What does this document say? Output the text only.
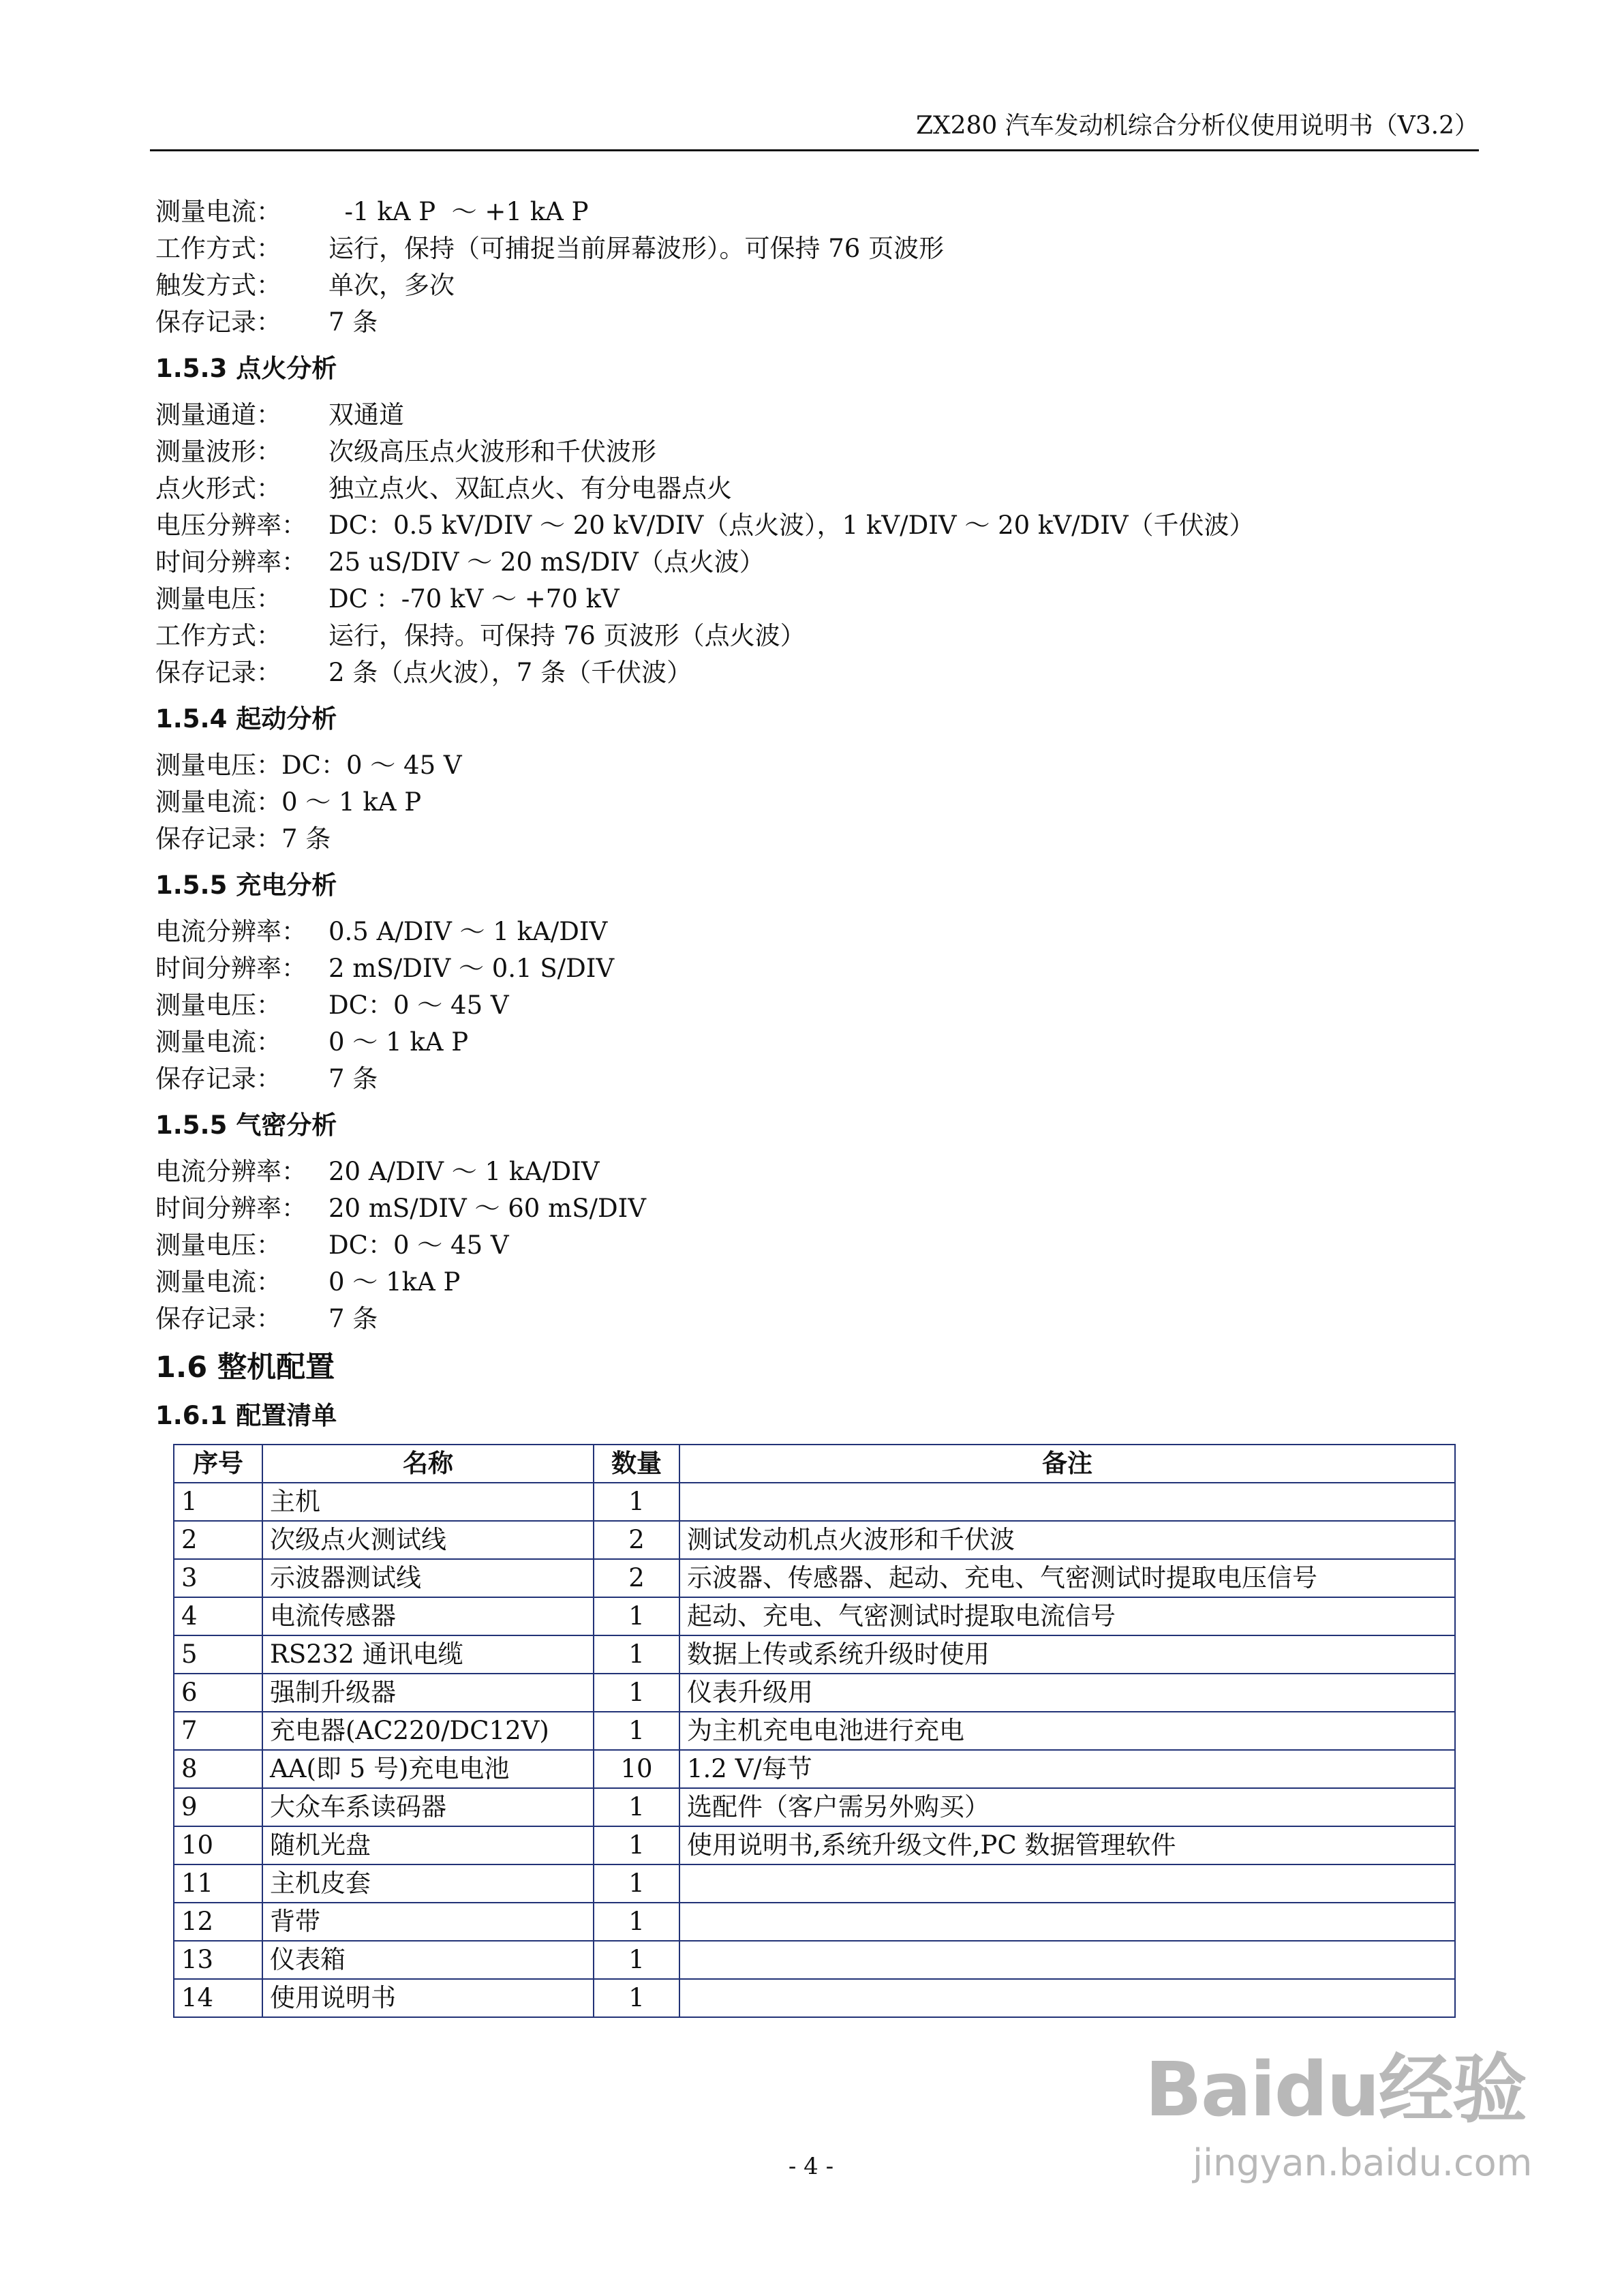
ZX280 汽车发动机综合分析仪使用说明书（V3.2）
测量电流：  -1 kA P  ～ +1 kA P
工作方式： 运行，保持（可捕捉当前屏幕波形）。可保持 76 页波形
触发方式： 单次，多次
保存记录： 7 条
1.5.3 点火分析
测量通道： 双通道
测量波形： 次级高压点火波形和千伏波形
点火形式： 独立点火、双缸点火、有分电器点火
电压分辨率： DC：0.5 kV/DIV ～ 20 kV/DIV（点火波），1 kV/DIV ～ 20 kV/DIV（千伏波）
时间分辨率： 25 uS/DIV ～ 20 mS/DIV（点火波）
测量电压： DC ：-70 kV ～ +70 kV
工作方式： 运行，保持。可保持 76 页波形（点火波）
保存记录： 2 条（点火波），7 条（千伏波）
1.5.4 起动分析
测量电压：DC：0 ～ 45 V
测量电流：0 ～ 1 kA P
保存记录：7 条
1.5.5 充电分析
电流分辨率： 0.5 A/DIV ～ 1 kA/DIV
时间分辨率： 2 mS/DIV ～ 0.1 S/DIV
测量电压： DC：0 ～ 45 V
测量电流： 0 ～ 1 kA P
保存记录： 7 条
1.5.5 气密分析
电流分辨率： 20 A/DIV ～ 1 kA/DIV
时间分辨率： 20 mS/DIV ～ 60 mS/DIV
测量电压： DC：0 ～ 45 V
测量电流： 0 ～ 1kA P
保存记录： 7 条
1.6 整机配置
1.6.1 配置清单
序号	名称	数量	备注
1	主机	1	
2	次级点火测试线	2	测试发动机点火波形和千伏波
3	示波器测试线	2	示波器、传感器、起动、充电、气密测试时提取电压信号
4	电流传感器	1	起动、充电、气密测试时提取电流信号
5	RS232 通讯电缆	1	数据上传或系统升级时使用
6	强制升级器	1	仪表升级用
7	充电器(AC220/DC12V)	1	为主机充电电池进行充电
8	AA(即 5 号)充电电池	10	1.2 V/每节
9	大众车系读码器	1	选配件（客户需另外购买）
10	随机光盘	1	使用说明书,系统升级文件,PC 数据管理软件
11	主机皮套	1	
12	背带	1	
13	仪表箱	1	
14	使用说明书	1	
- 4 -
Baidu经验
jingyan.baidu.com
